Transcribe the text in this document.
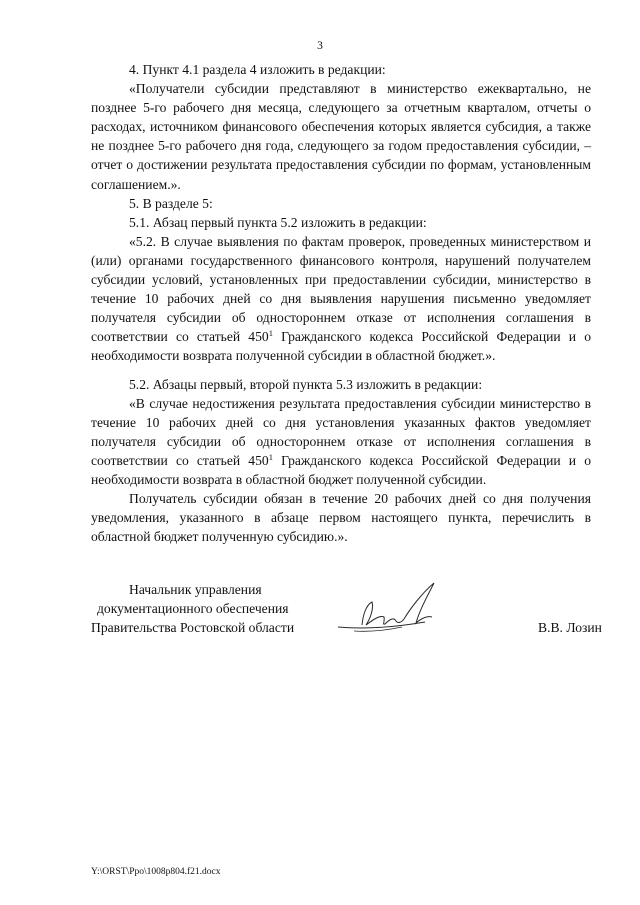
3

4. Пункт 4.1 раздела 4 изложить в редакции:

«Получатели субсидии представляют в министерство ежеквартально, не позднее 5-го рабочего дня месяца, следующего за отчетным кварталом, отчеты о расходах, источником финансового обеспечения которых является субсидия, а также не позднее 5-го рабочего дня года, следующего за годом предоставления субсидии, – отчет о достижении результата предоставления субсидии по формам, установленным соглашением.».

5. В разделе 5:

5.1. Абзац первый пункта 5.2 изложить в редакции:

«5.2. В случае выявления по фактам проверок, проведенных министерством и (или) органами государственного финансового контроля, нарушений получателем субсидии условий, установленных при предоставлении субсидии, министерство в течение 10 рабочих дней со дня выявления нарушения письменно уведомляет получателя субсидии об одностороннем отказе от исполнения соглашения в соответствии со статьей $450^1$ Гражданского кодекса Российской Федерации и о необходимости возврата полученной субсидии в областной бюджет.».

5.2. Абзацы первый, второй пункта 5.3 изложить в редакции:

«В случае недостижения результата предоставления субсидии министерство в течение 10 рабочих дней со дня установления указанных фактов уведомляет получателя субсидии об одностороннем отказе от исполнения соглашения в соответствии со статьей $450^1$ Гражданского кодекса Российской Федерации и о необходимости возврата в областной бюджет полученной субсидии.

Получатель субсидии обязан в течение 20 рабочих дней со дня получения уведомления, указанного в абзаце первом настоящего пункта, перечислить в областной бюджет полученную субсидию.».

Начальник управления
документационного обеспечения
Правительства Ростовской области	В.В. Лозин
Y:\ORST\Ppo\1008p804.f21.docx
